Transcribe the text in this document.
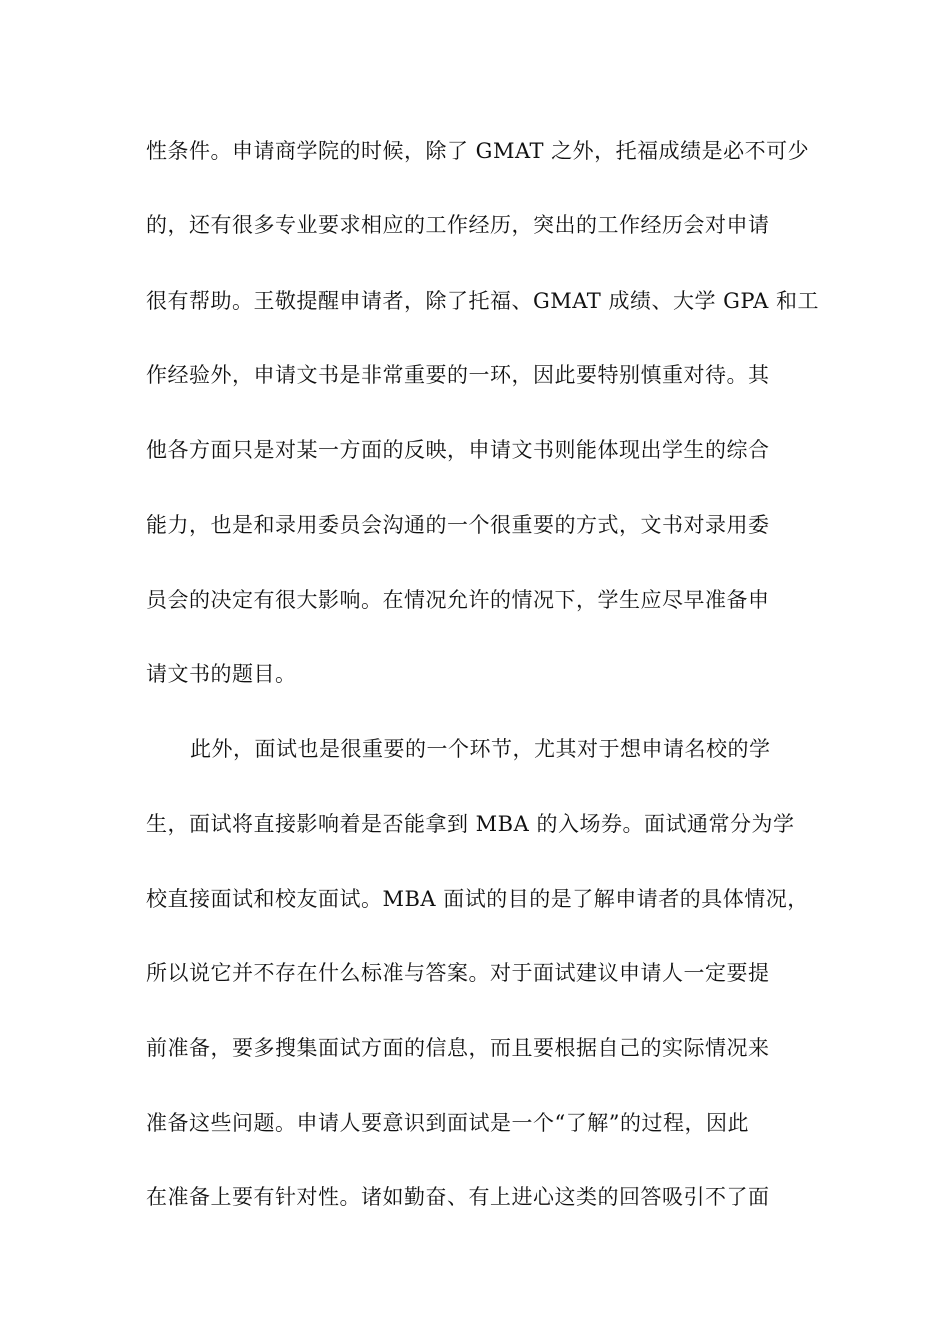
性条件。申请商学院的时候，除了 GMAT 之外，托福成绩是必不可少
的，还有很多专业要求相应的工作经历，突出的工作经历会对申请
很有帮助。王敬提醒申请者，除了托福、GMAT 成绩、大学 GPA 和工
作经验外，申请文书是非常重要的一环，因此要特别慎重对待。其
他各方面只是对某一方面的反映，申请文书则能体现出学生的综合
能力，也是和录用委员会沟通的一个很重要的方式，文书对录用委
员会的决定有很大影响。在情况允许的情况下，学生应尽早准备申
请文书的题目。
此外，面试也是很重要的一个环节，尤其对于想申请名校的学
生，面试将直接影响着是否能拿到 MBA 的入场券。面试通常分为学
校直接面试和校友面试。MBA 面试的目的是了解申请者的具体情况，
所以说它并不存在什么标准与答案。对于面试建议申请人一定要提
前准备，要多搜集面试方面的信息，而且要根据自己的实际情况来
准备这些问题。申请人要意识到面试是一个“了解”的过程，因此
在准备上要有针对性。诸如勤奋、有上进心这类的回答吸引不了面
